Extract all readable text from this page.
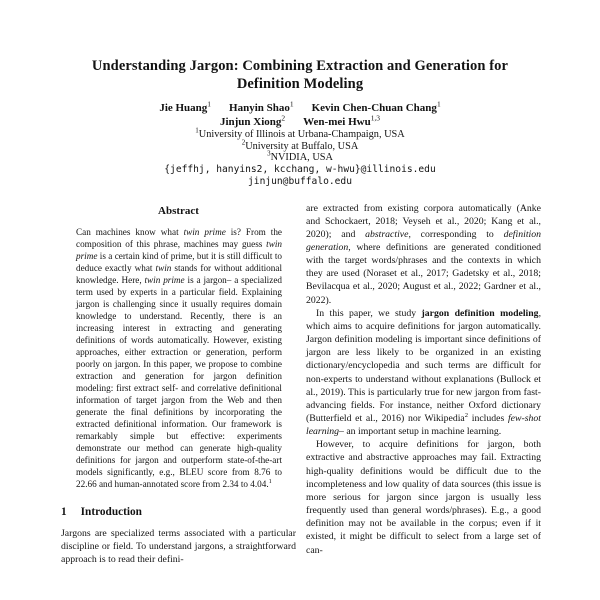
Understanding Jargon: Combining Extraction and Generation for Definition Modeling
Jie Huang$^1$ Hanyin Shao$^1$ Kevin Chen-Chuan Chang$^1$
Jinjun Xiong$^2$ Wen-mei Hwu$^{1,3}$
$^1$University of Illinois at Urbana-Champaign, USA
$^2$University at Buffalo, USA
$^3$NVIDIA, USA
{jeffhj, hanyins2, kcchang, w-hwu}@illinois.edu
jinjun@buffalo.edu
Abstract
Can machines know what twin prime is? From the composition of this phrase, machines may guess twin prime is a certain kind of prime, but it is still difficult to deduce exactly what twin stands for without additional knowledge. Here, twin prime is a jargon– a specialized term used by experts in a particular field. Explaining jargon is challenging since it usually requires domain knowledge to understand. Recently, there is an increasing interest in extracting and generating definitions of words automatically. However, existing approaches, either extraction or generation, perform poorly on jargon. In this paper, we propose to combine extraction and generation for jargon definition modeling: first extract self- and correlative definitional information of target jargon from the Web and then generate the final definitions by incorporating the extracted definitional information. Our framework is remarkably simple but effective: experiments demonstrate our method can generate high-quality definitions for jargon and outperform state-of-the-art models significantly, e.g., BLEU score from 8.76 to 22.66 and human-annotated score from 2.34 to 4.04.$^1$
1 Introduction

Jargons are specialized terms associated with a particular discipline or field. To understand jargons, a straightforward approach is to read their defini-

are extracted from existing corpora automatically (Anke and Schockaert, 2018; Veyseh et al., 2020; Kang et al., 2020); and abstractive, corresponding to definition generation, where definitions are generated conditioned with the target words/phrases and the contexts in which they are used (Noraset et al., 2017; Gadetsky et al., 2018; Bevilacqua et al., 2020; August et al., 2022; Gardner et al., 2022).

In this paper, we study jargon definition modeling, which aims to acquire definitions for jargon automatically. Jargon definition modeling is important since definitions of jargon are less likely to be organized in an existing dictionary/encyclopedia and such terms are difficult for non-experts to understand without explanations (Bullock et al., 2019). This is particularly true for new jargon from fast-advancing fields. For instance, neither Oxford dictionary (Butterfield et al., 2016) nor Wikipedia$^2$ includes few-shot learning– an important setup in machine learning.

However, to acquire definitions for jargon, both extractive and abstractive approaches may fail. Extracting high-quality definitions would be difficult due to the incompleteness and low quality of data sources (this issue is more serious for jargon since jargon is usually less frequently used than general words/phrases). E.g., a good definition may not be available in the corpus; even if it existed, it might be difficult to select from a large set of can-
